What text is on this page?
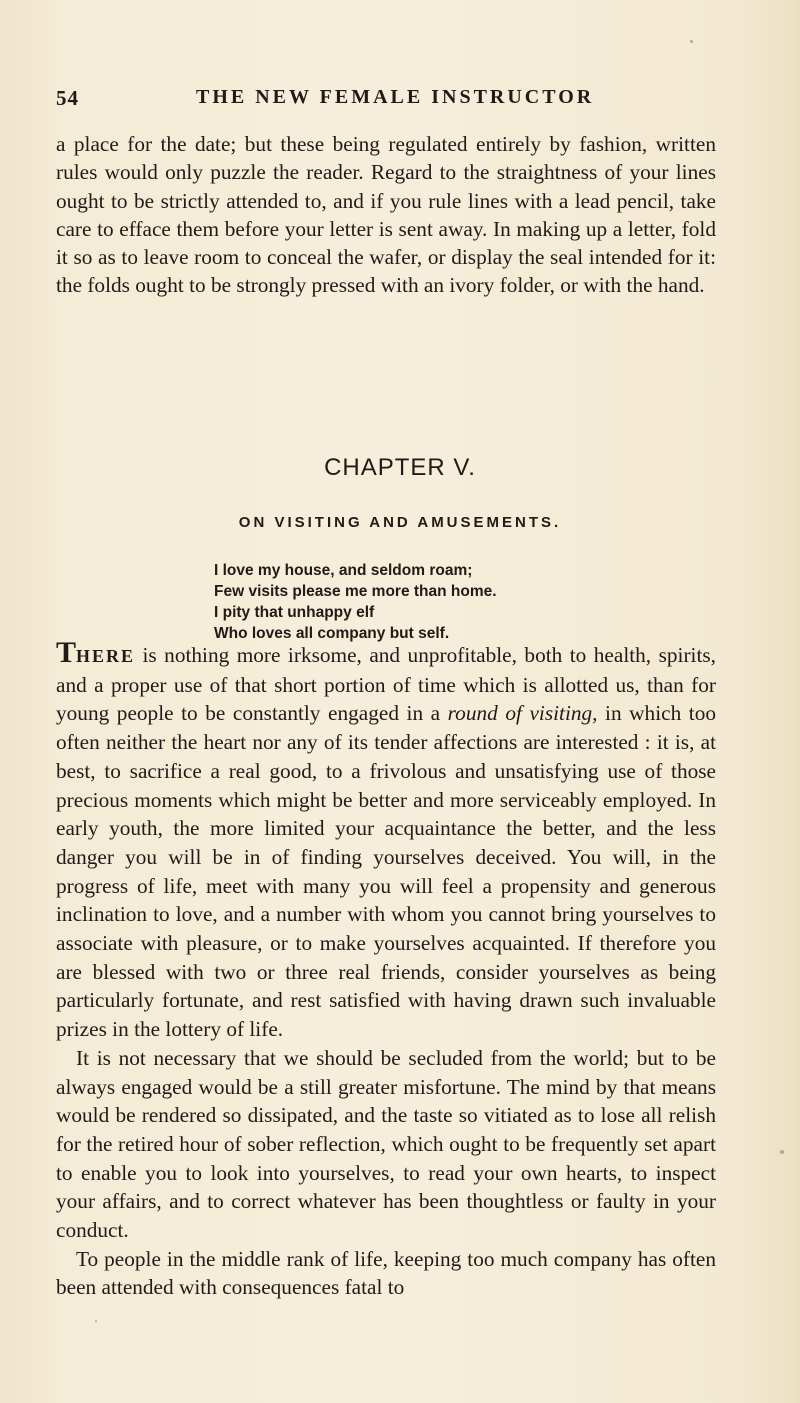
54	THE NEW FEMALE INSTRUCTOR

a place for the date; but these being regulated entirely by fashion, written rules would only puzzle the reader. Regard to the straightness of your lines ought to be strictly attended to, and if you rule lines with a lead pencil, take care to efface them before your letter is sent away. In making up a letter, fold it so as to leave room to conceal the wafer, or display the seal intended for it: the folds ought to be strongly pressed with an ivory folder, or with the hand.

CHAPTER V.
ON VISITING AND AMUSEMENTS.
I love my house, and seldom roam;
Few visits please me more than home.
I pity that unhappy elf
Who loves all company but self.

THERE is nothing more irksome, and unprofitable, both to health, spirits, and a proper use of that short portion of time which is allotted us, than for young people to be constantly engaged in a round of visiting, in which too often neither the heart nor any of its tender affections are interested : it is, at best, to sacrifice a real good, to a frivolous and unsatisfying use of those precious moments which might be better and more serviceably employed. In early youth, the more limited your acquaintance the better, and the less danger you will be in of finding yourselves deceived. You will, in the progress of life, meet with many you will feel a propensity and generous inclination to love, and a number with whom you cannot bring yourselves to associate with pleasure, or to make yourselves acquainted. If therefore you are blessed with two or three real friends, consider yourselves as being particularly fortunate, and rest satisfied with having drawn such invaluable prizes in the lottery of life.

It is not necessary that we should be secluded from the world; but to be always engaged would be a still greater misfortune. The mind by that means would be rendered so dissipated, and the taste so vitiated as to lose all relish for the retired hour of sober reflection, which ought to be frequently set apart to enable you to look into yourselves, to read your own hearts, to inspect your affairs, and to correct whatever has been thoughtless or faulty in your conduct.

To people in the middle rank of life, keeping too much company has often been attended with consequences fatal to
